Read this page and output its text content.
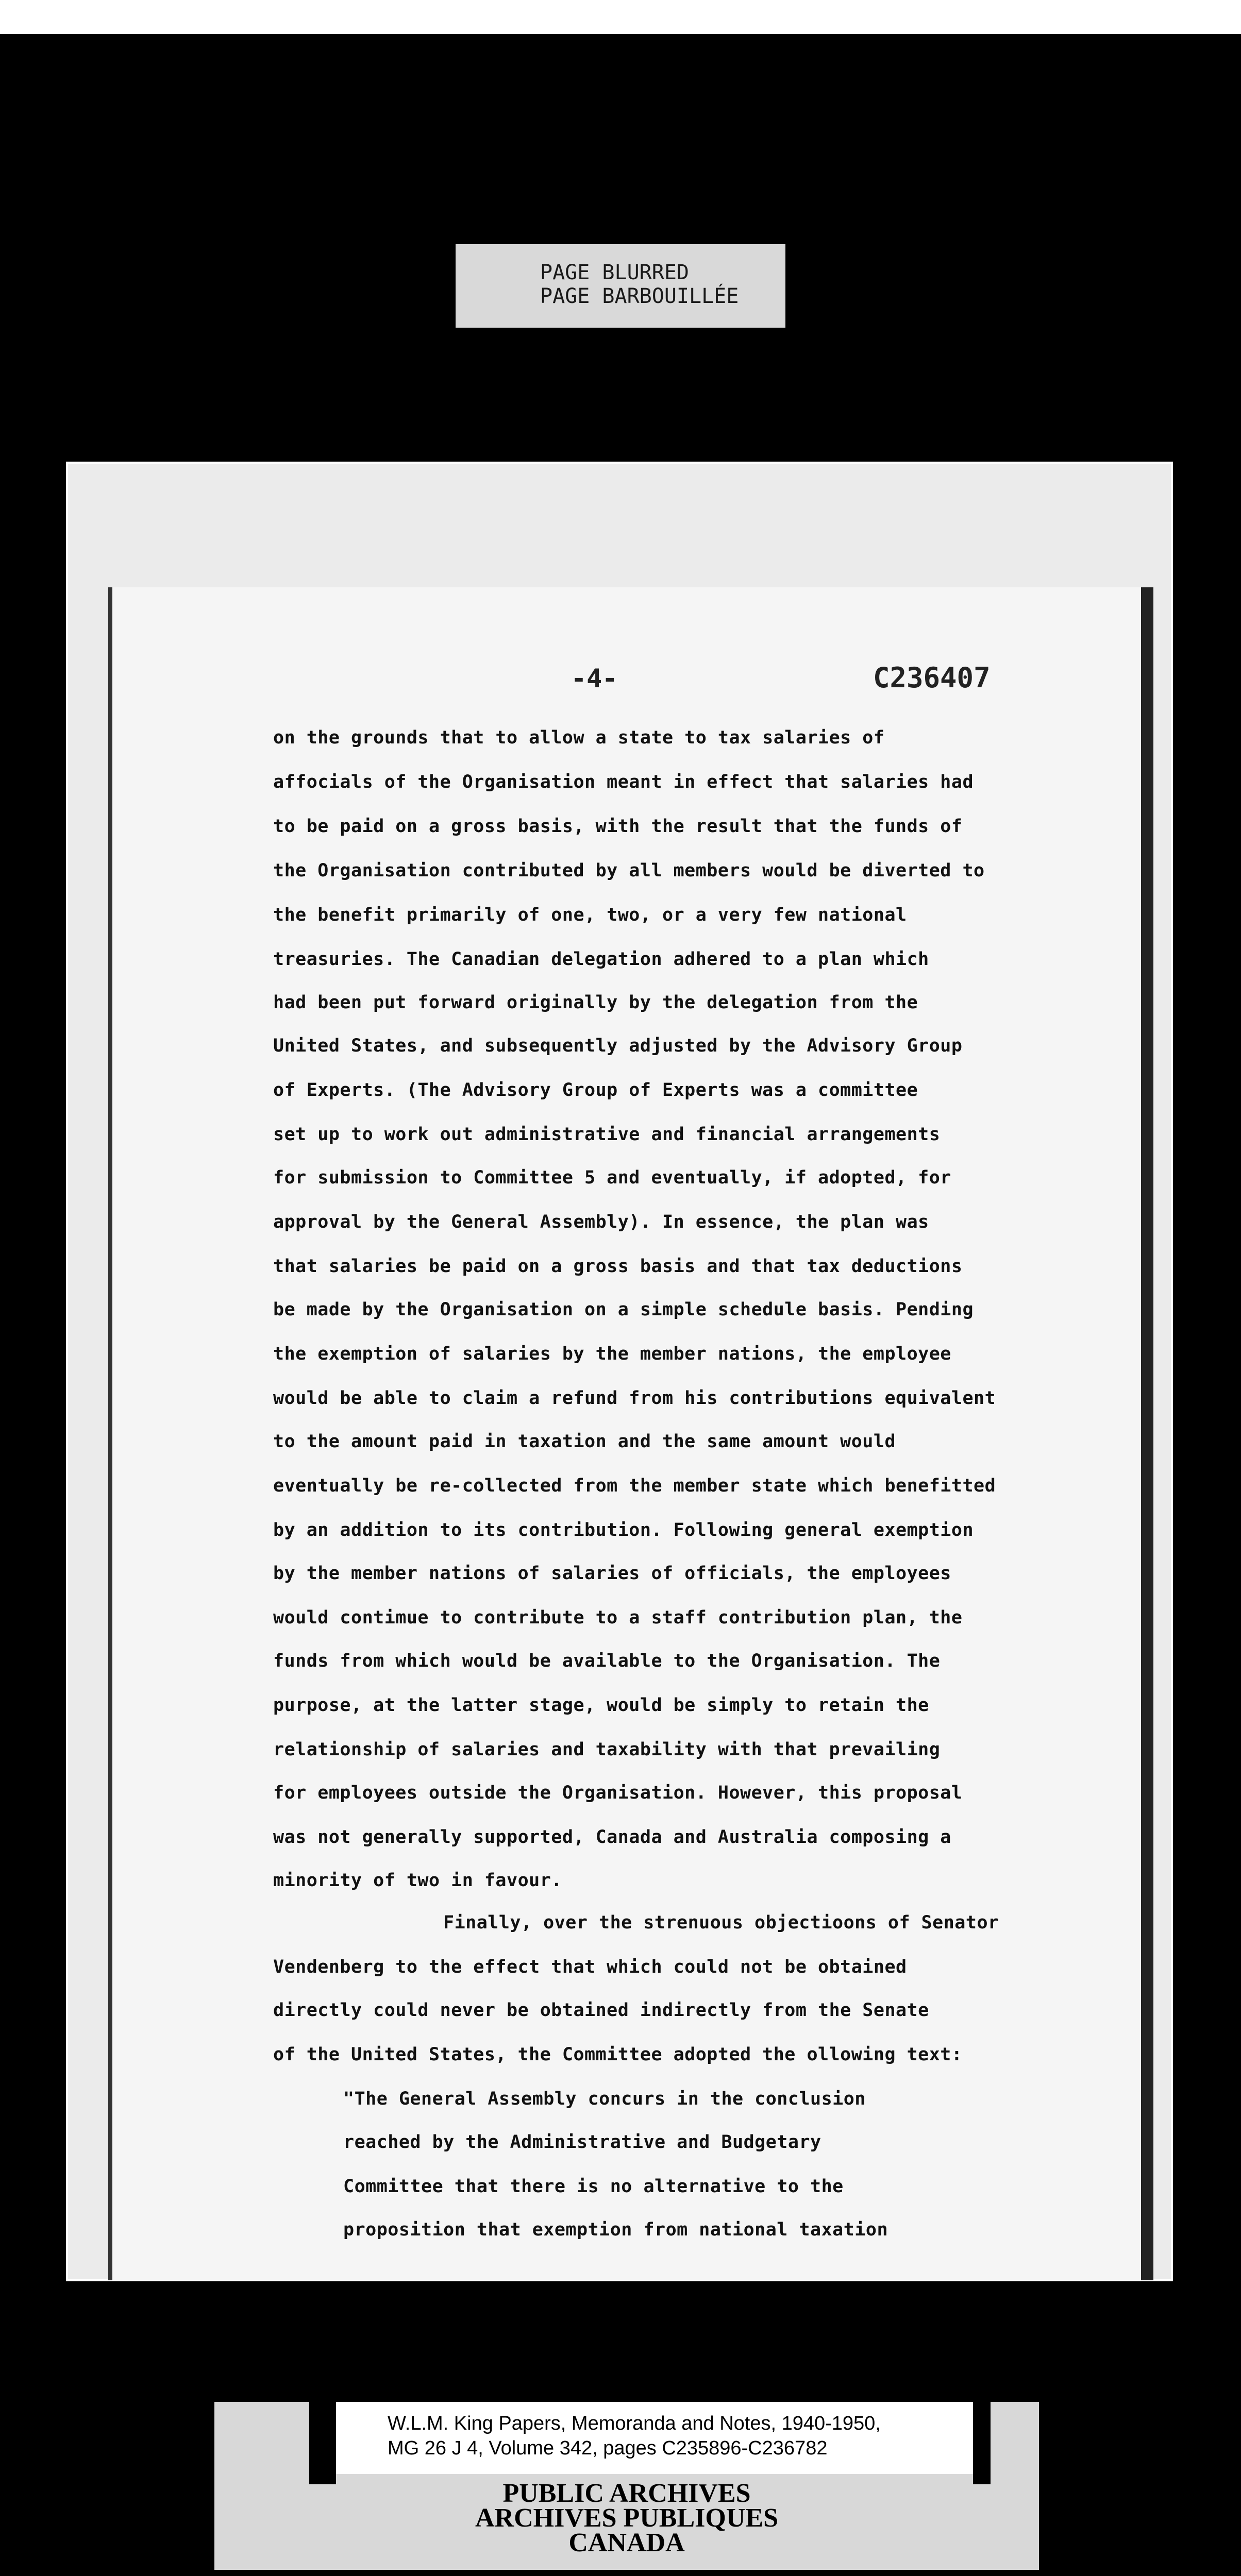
PAGE BLURRED
PAGE BARBOUILLÉE
-4-	C236407
on the grounds that to allow a state to tax salaries of
affocials of the Organisation meant in effect that salaries had
to be paid on a gross basis, with the result that the funds of
the Organisation contributed by all members would be diverted to
the benefit primarily of one, two, or a very few national
treasuries. The Canadian delegation adhered to a plan which
had been put forward originally by the delegation from the
United States, and subsequently adjusted by the Advisory Group
of Experts. (The Advisory Group of Experts was a committee
set up to work out administrative and financial arrangements
for submission to Committee 5 and eventually, if adopted, for
approval by the General Assembly). In essence, the plan was
that salaries be paid on a gross basis and that tax deductions
be made by the Organisation on a simple schedule basis. Pending
the exemption of salaries by the member nations, the employee
would be able to claim a refund from his contributions equivalent
to the amount paid in taxation and the same amount would
eventually be re-collected from the member state which benefitted
by an addition to its contribution. Following general exemption
by the member nations of salaries of officials, the employees
would contimue to contribute to a staff contribution plan, the
funds from which would be available to the Organisation. The
purpose, at the latter stage, would be simply to retain the
relationship of salaries and taxability with that prevailing
for employees outside the Organisation. However, this proposal
was not generally supported, Canada and Australia composing a
minority of two in favour.
Finally, over the strenuous objectioons of Senator
Vendenberg to the effect that which could not be obtained
directly could never be obtained indirectly from the Senate
of the United States, the Committee adopted the ollowing text:
"The General Assembly concurs in the conclusion
reached by the Administrative and Budgetary
Committee that there is no alternative to the
proposition that exemption from national taxation
W.L.M. King Papers, Memoranda and Notes, 1940-1950,
MG 26 J 4, Volume 342, pages C235896-C236782
PUBLIC ARCHIVES
ARCHIVES PUBLIQUES
CANADA
